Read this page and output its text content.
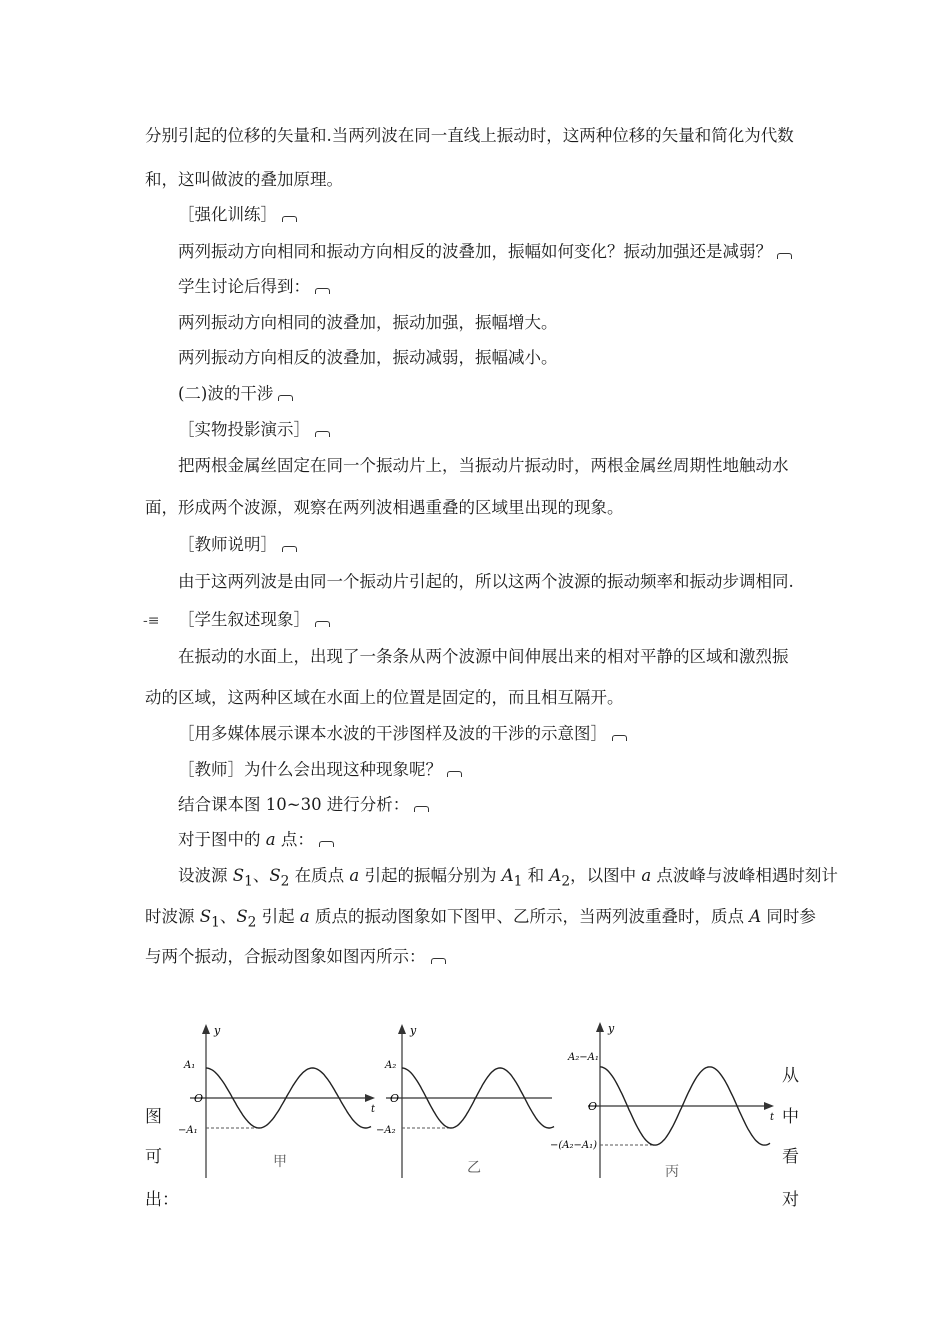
分别引起的位移的矢量和.当两列波在同一直线上振动时，这两种位移的矢量和简化为代数
和，这叫做波的叠加原理。
［强化训练］
两列振动方向相同和振动方向相反的波叠加，振幅如何变化？振动加强还是减弱？
学生讨论后得到：
两列振动方向相同的波叠加，振动加强，振幅增大。
两列振动方向相反的波叠加，振动减弱，振幅减小。
(二)波的干涉
［实物投影演示］
把两根金属丝固定在同一个振动片上，当振动片振动时，两根金属丝周期性地触动水
面，形成两个波源，观察在两列波相遇重叠的区域里出现的现象。
［教师说明］
由于这两列波是由同一个振动片引起的，所以这两个波源的振动频率和振动步调相同.
-≡ ［学生叙述现象］
在振动的水面上，出现了一条条从两个波源中间伸展出来的相对平静的区域和激烈振
动的区域，这两种区域在水面上的位置是固定的，而且相互隔开。
［用多媒体展示课本水波的干涉图样及波的干涉的示意图］
［教师］为什么会出现这种现象呢？
结合课本图 10~30 进行分析：
对于图中的 a 点：
设波源 $S_1$、$S_2$ 在质点 a 引起的振幅分别为 $A_1$ 和 $A_2$，以图中 a 点波峰与波峰相遇时刻计
时波源 $S_1$、$S_2$ 引起 a 质点的振动图象如下图甲、乙所示，当两列波重叠时，质点 A 同时参
与两个振动，合振动图象如图丙所示：
图
可
出：
从
中
看
对
y
t
O
A₁
−A₁
甲
y
O
A₂
−A₂
乙
y
t
O
A₂−A₁
−(A₂−A₁)
丙
